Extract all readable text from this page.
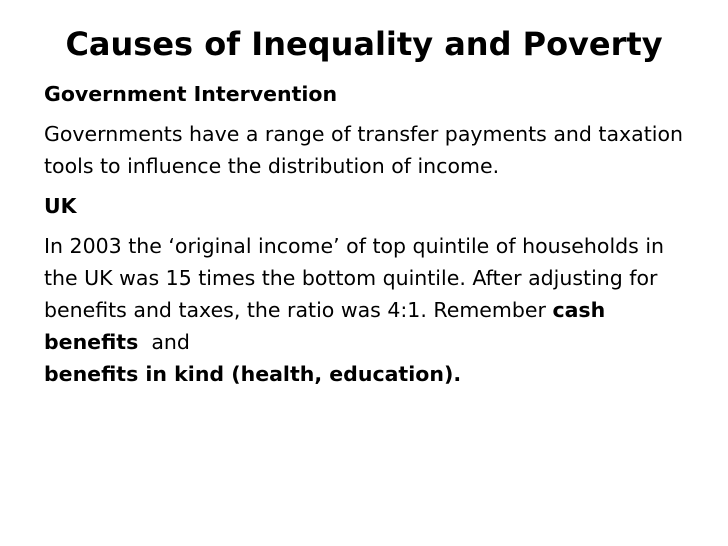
Causes of Inequality and Poverty

Government Intervention

Governments have a range of transfer payments and taxation tools to influence the distribution of income.

UK

In 2003 the ‘original income’ of top quintile of households in the UK was 15 times the bottom quintile. After adjusting for benefits and taxes, the ratio was 4:1. Remember cash benefits  and
benefits in kind (health, education).
